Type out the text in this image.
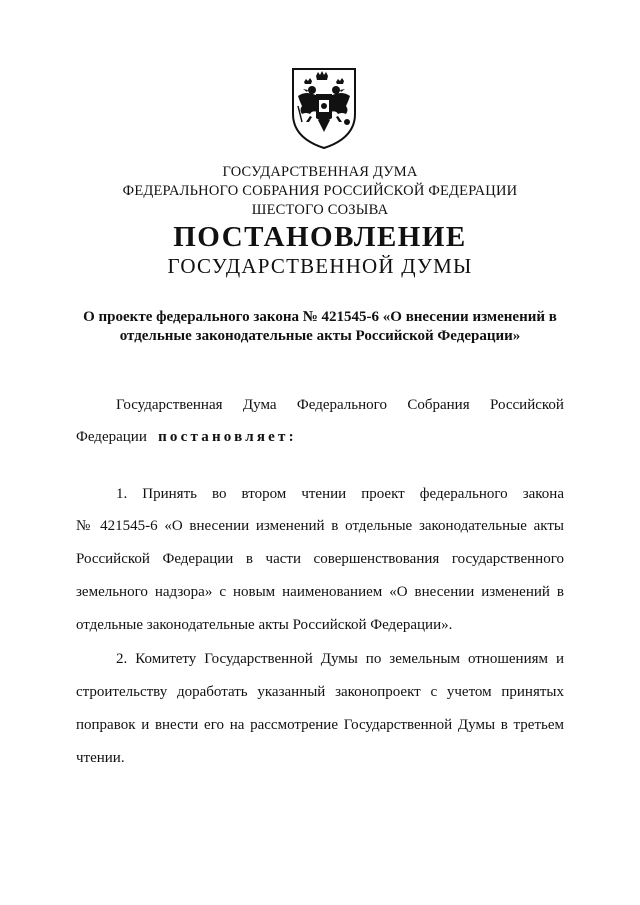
ГОСУДАРСТВЕННАЯ ДУМА
ФЕДЕРАЛЬНОГО СОБРАНИЯ РОССИЙСКОЙ ФЕДЕРАЦИИ
ШЕСТОГО СОЗЫВА
ПОСТАНОВЛЕНИЕ
ГОСУДАРСТВЕННОЙ ДУМЫ
О проекте федерального закона № 421545-6 «О внесении изменений в
отдельные законодательные акты Российской Федерации»
Государственная Дума Федерального Собрания Российской
Федерации постановляет:
1. Принять во втором чтении проект федерального закона
№ 421545-6 «О внесении изменений в отдельные законодательные акты
Российской Федерации в части совершенствования государственного
земельного надзора» с новым наименованием «О внесении изменений в
отдельные законодательные акты Российской Федерации».
2. Комитету Государственной Думы по земельным отношениям и
строительству доработать указанный законопроект с учетом принятых
поправок и внести его на рассмотрение Государственной Думы в третьем
чтении.
